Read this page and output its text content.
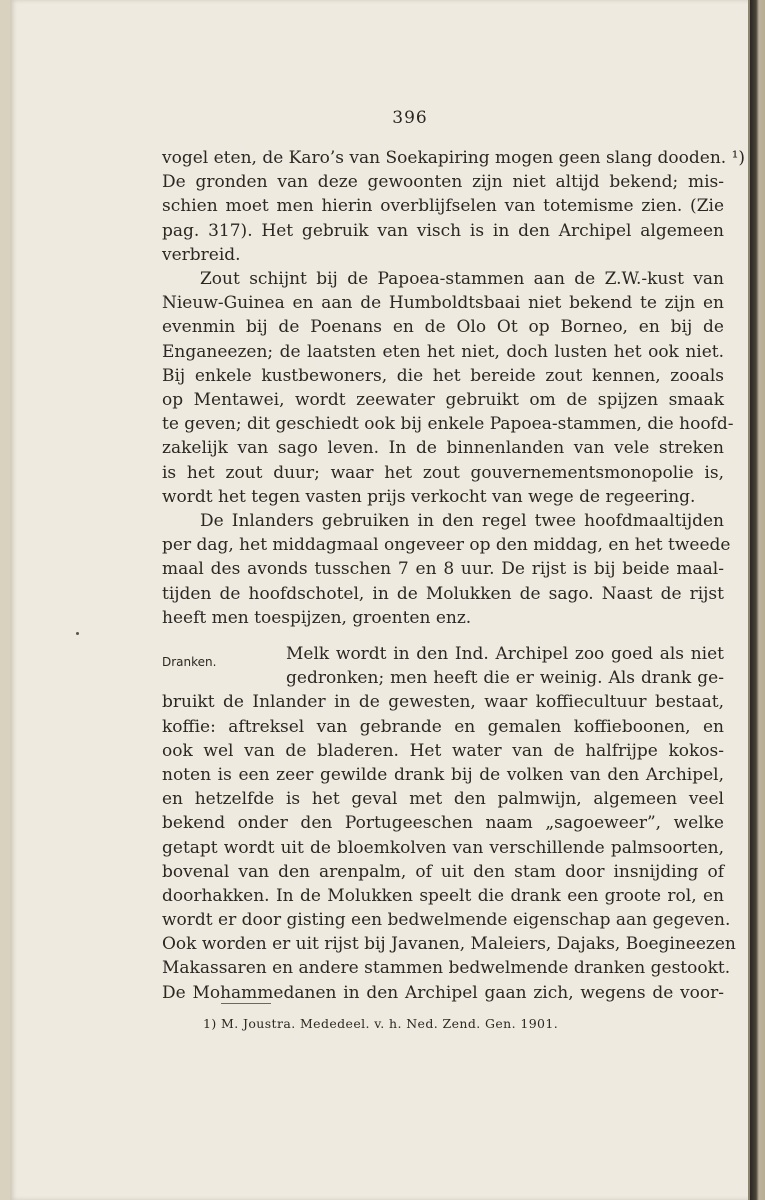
396
vogel eten, de Karo’s van Soekapiring mogen geen slang dooden. ¹)
De gronden van deze gewoonten zijn niet altijd bekend; mis-
schien moet men hierin overblijfselen van totemisme zien. (Zie
pag. 317). Het gebruik van visch is in den Archipel algemeen
verbreid.
Zout schijnt bij de Papoea-stammen aan de Z.W.-kust van
Nieuw-Guinea en aan de Humboldtsbaai niet bekend te zijn en
evenmin bij de Poenans en de Olo Ot op Borneo, en bij de
Enganeezen; de laatsten eten het niet, doch lusten het ook niet.
Bij enkele kustbewoners, die het bereide zout kennen, zooals
op Mentawei, wordt zeewater gebruikt om de spijzen smaak
te geven; dit geschiedt ook bij enkele Papoea-stammen, die hoofd-
zakelijk van sago leven. In de binnenlanden van vele streken
is het zout duur; waar het zout gouvernementsmonopolie is,
wordt het tegen vasten prijs verkocht van wege de regeering.
De Inlanders gebruiken in den regel twee hoofdmaaltijden
per dag, het middagmaal ongeveer op den middag, en het tweede
maal des avonds tusschen 7 en 8 uur. De rijst is bij beide maal-
tijden de hoofdschotel, in de Molukken de sago. Naast de rijst
heeft men toespijzen, groenten enz.
Dranken.	Melk wordt in den Ind. Archipel zoo goed als niet
gedronken; men heeft die er weinig. Als drank ge-
bruikt de Inlander in de gewesten, waar koffiecultuur bestaat,
koffie: aftreksel van gebrande en gemalen koffieboonen, en
ook wel van de bladeren. Het water van de halfrijpe kokos-
noten is een zeer gewilde drank bij de volken van den Archipel,
en hetzelfde is het geval met den palmwijn, algemeen veel
bekend onder den Portugeeschen naam „sagoeweer”, welke
getapt wordt uit de bloemkolven van verschillende palmsoorten,
bovenal van den arenpalm, of uit den stam door insnijding of
doorhakken. In de Molukken speelt die drank een groote rol, en
wordt er door gisting een bedwelmende eigenschap aan gegeven.
Ook worden er uit rijst bij Javanen, Maleiers, Dajaks, Boegineezen
Makassaren en andere stammen bedwelmende dranken gestookt.
De Mohammedanen in den Archipel gaan zich, wegens de voor-
1) M. Joustra. Mededeel. v. h. Ned. Zend. Gen. 1901.
